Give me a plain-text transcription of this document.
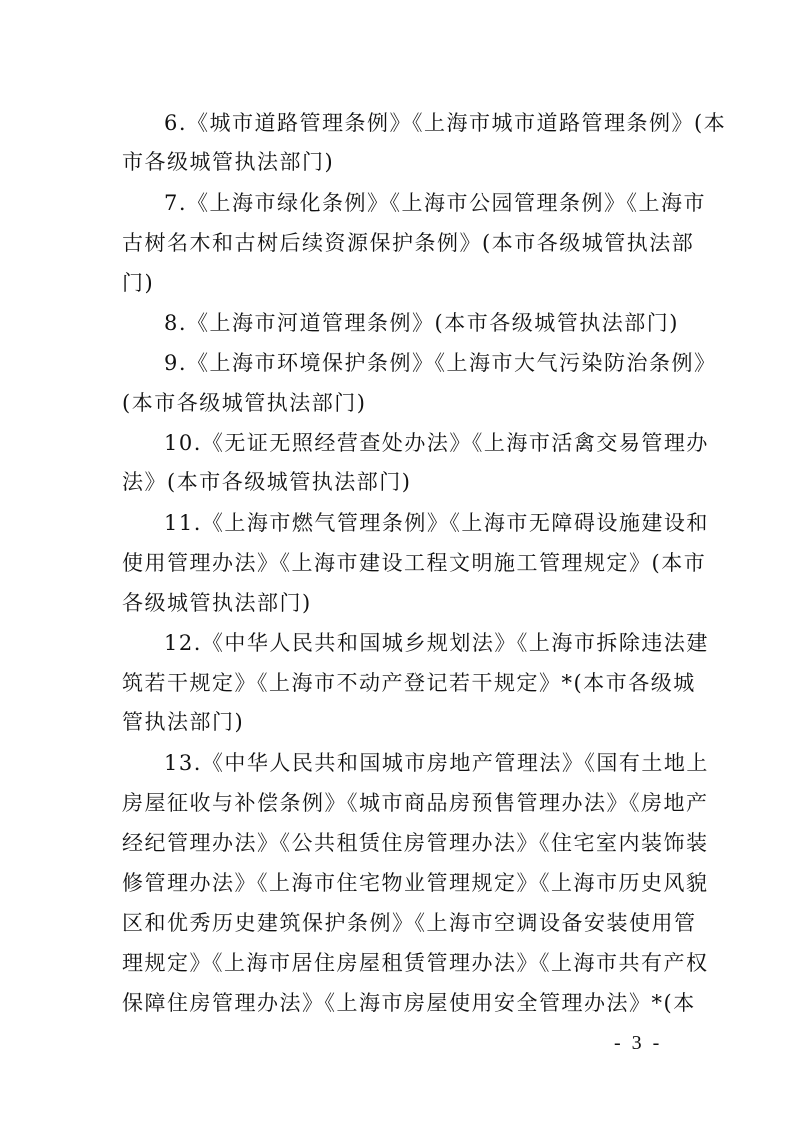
6.《城市道路管理条例》《上海市城市道路管理条例》(本
市各级城管执法部门)
7.《上海市绿化条例》《上海市公园管理条例》《上海市
古树名木和古树后续资源保护条例》(本市各级城管执法部
门)
8.《上海市河道管理条例》(本市各级城管执法部门)
9.《上海市环境保护条例》《上海市大气污染防治条例》
(本市各级城管执法部门)
10.《无证无照经营查处办法》《上海市活禽交易管理办
法》(本市各级城管执法部门)
11.《上海市燃气管理条例》《上海市无障碍设施建设和
使用管理办法》《上海市建设工程文明施工管理规定》(本市
各级城管执法部门)
12.《中华人民共和国城乡规划法》《上海市拆除违法建
筑若干规定》《上海市不动产登记若干规定》*(本市各级城
管执法部门)
13.《中华人民共和国城市房地产管理法》《国有土地上
房屋征收与补偿条例》《城市商品房预售管理办法》《房地产
经纪管理办法》《公共租赁住房管理办法》《住宅室内装饰装
修管理办法》《上海市住宅物业管理规定》《上海市历史风貌
区和优秀历史建筑保护条例》《上海市空调设备安装使用管
理规定》《上海市居住房屋租赁管理办法》《上海市共有产权
保障住房管理办法》《上海市房屋使用安全管理办法》*(本
- 3 -
